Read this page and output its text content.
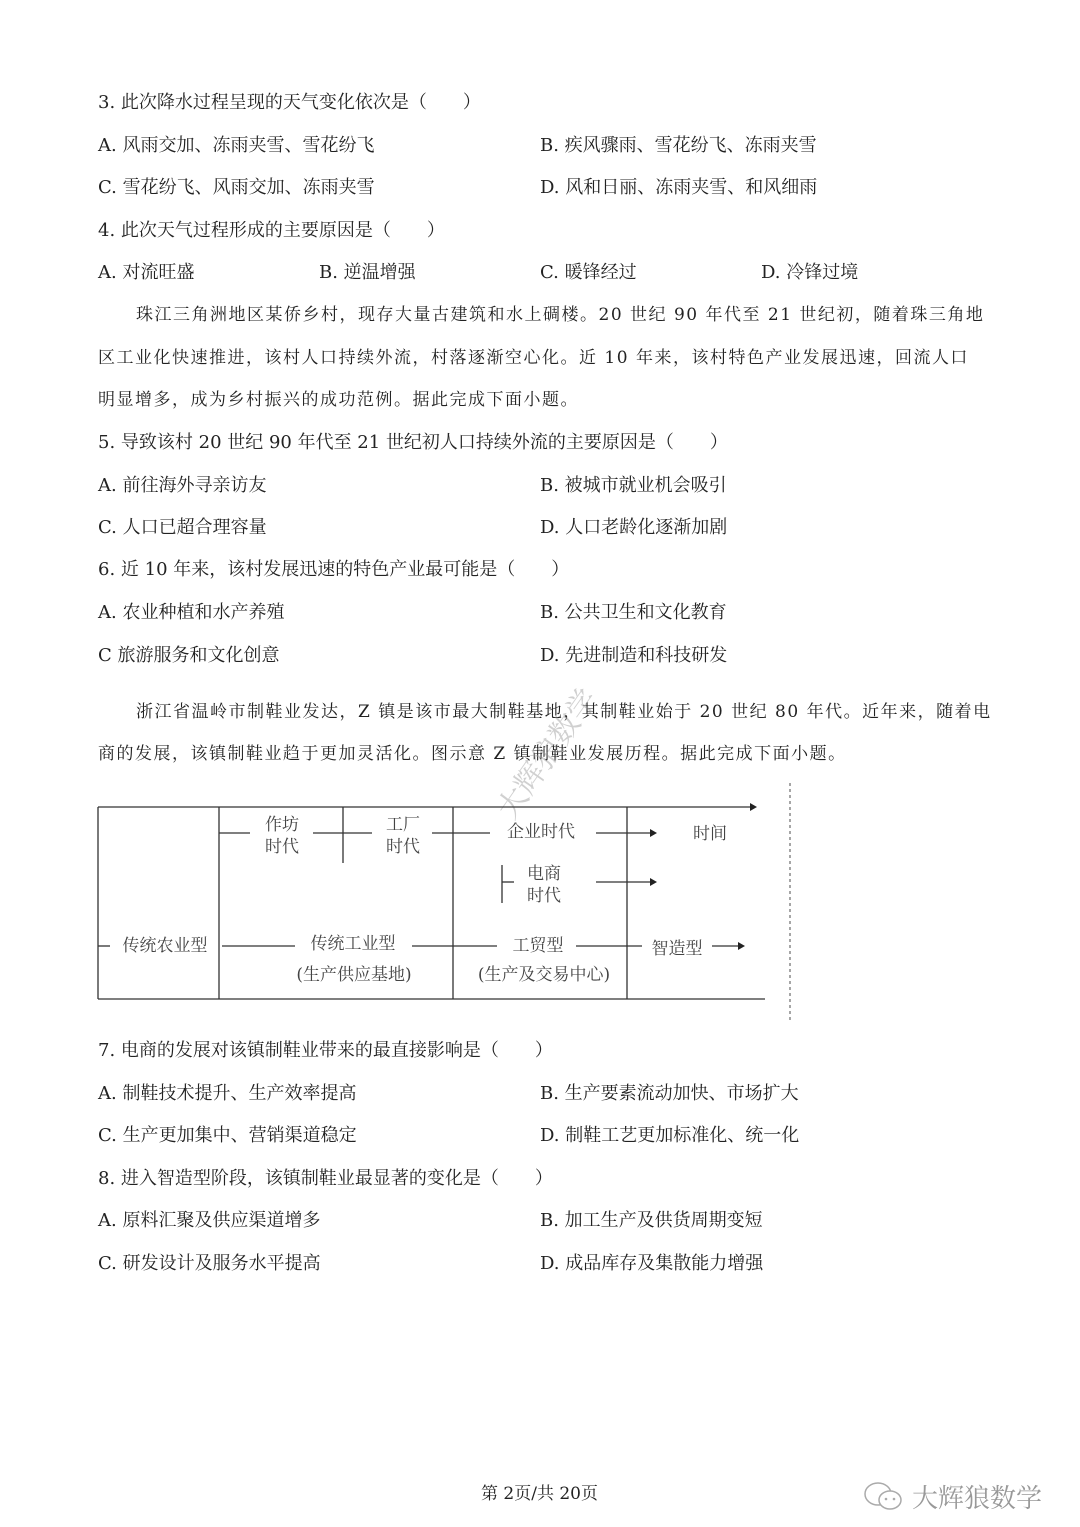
3. 此次降水过程呈现的天气变化依次是（　　）
A. 风雨交加、冻雨夹雪、雪花纷飞	B. 疾风骤雨、雪花纷飞、冻雨夹雪
C. 雪花纷飞、风雨交加、冻雨夹雪	D. 风和日丽、冻雨夹雪、和风细雨
4. 此次天气过程形成的主要原因是（　　）
A. 对流旺盛	B. 逆温增强	C. 暖锋经过	D. 冷锋过境
珠江三角洲地区某侨乡村，现存大量古建筑和水上碉楼。20 世纪 90 年代至 21 世纪初，随着珠三角地
区工业化快速推进，该村人口持续外流，村落逐渐空心化。近 10 年来，该村特色产业发展迅速，回流人口
明显增多，成为乡村振兴的成功范例。据此完成下面小题。
5. 导致该村 20 世纪 90 年代至 21 世纪初人口持续外流的主要原因是（　　）
A. 前往海外寻亲访友	B. 被城市就业机会吸引
C. 人口已超合理容量	D. 人口老龄化逐渐加剧
6. 近 10 年来，该村发展迅速的特色产业最可能是（　　）
A. 农业种植和水产养殖	B. 公共卫生和文化教育
C 旅游服务和文化创意	D. 先进制造和科技研发
浙江省温岭市制鞋业发达，Z 镇是该市最大制鞋基地，其制鞋业始于 20 世纪 80 年代。近年来，随着电
商的发展，该镇制鞋业趋于更加灵活化。图示意 Z 镇制鞋业发展历程。据此完成下面小题。
大辉狼数学
作坊
时代
工厂
时代
企业时代
电商
时代
时间
传统农业型	传统工业型	工贸型	智造型
(生产供应基地)	(生产及交易中心)
7. 电商的发展对该镇制鞋业带来的最直接影响是（　　）
A. 制鞋技术提升、生产效率提高	B. 生产要素流动加快、市场扩大
C. 生产更加集中、营销渠道稳定	D. 制鞋工艺更加标准化、统一化
8. 进入智造型阶段，该镇制鞋业最显著的变化是（　　）
A. 原料汇聚及供应渠道增多	B. 加工生产及供货周期变短
C. 研发设计及服务水平提高	D. 成品库存及集散能力增强
第 2页/共 20页	大辉狼数学
